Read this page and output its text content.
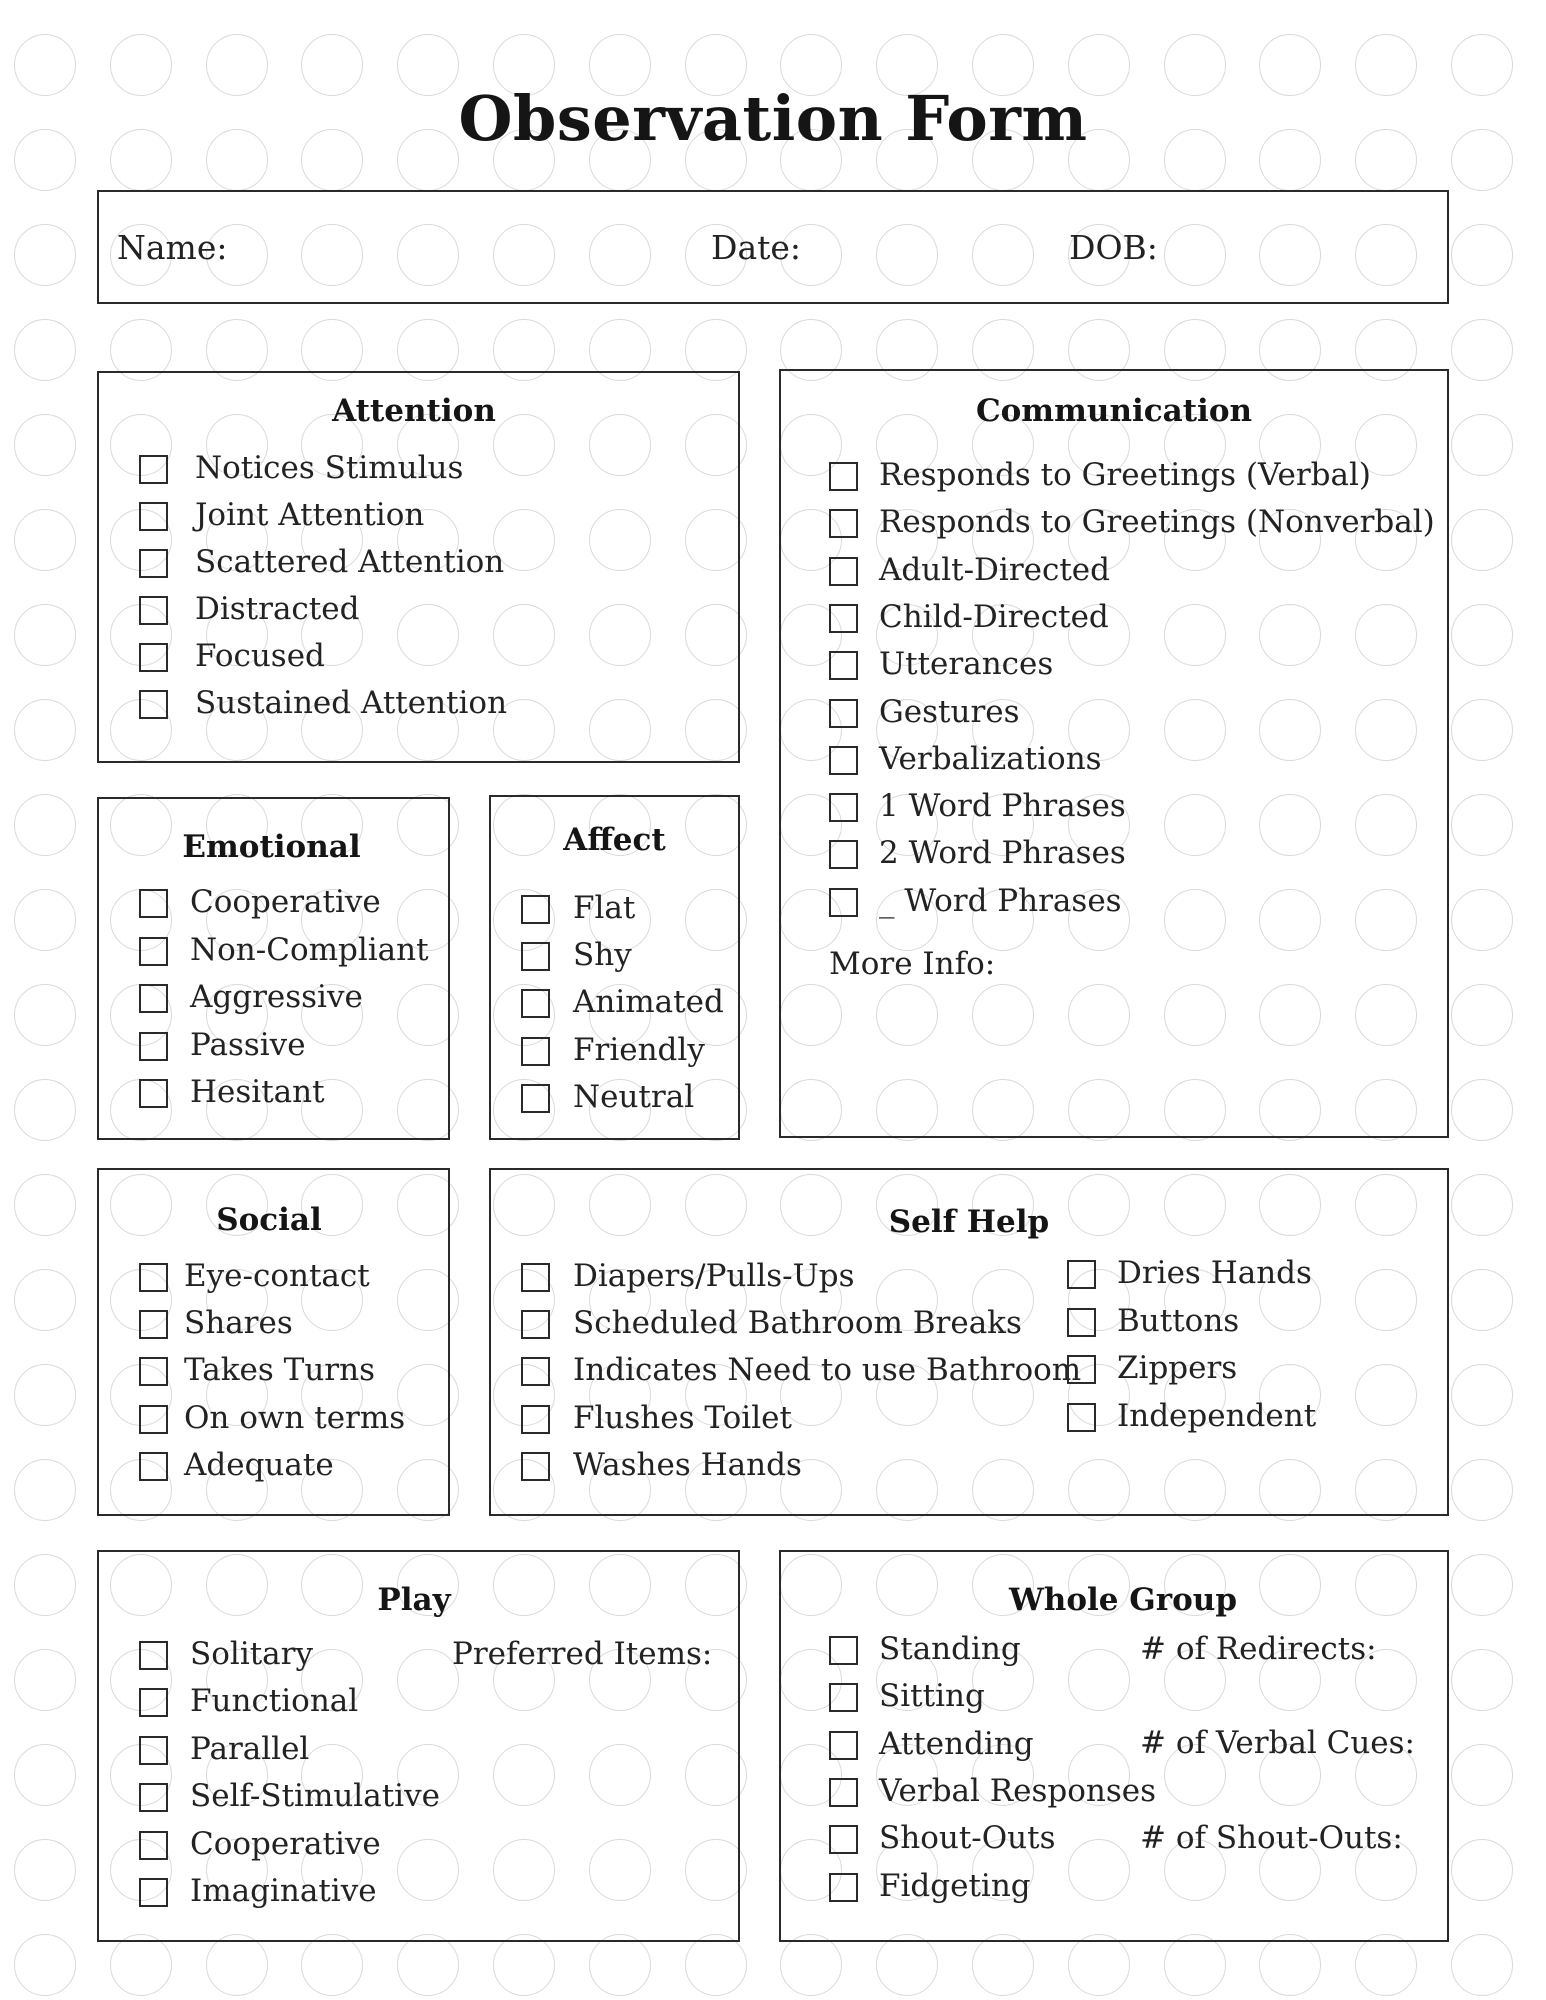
Observation Form
Name:	Date:	DOB:
Attention
Notices Stimulus
Joint Attention
Scattered Attention
Distracted
Focused
Sustained Attention
Communication
More Info:
Responds to Greetings (Verbal)
Responds to Greetings (Nonverbal)
Adult-Directed
Child-Directed
Utterances
Gestures
Verbalizations
1 Word Phrases
2 Word Phrases
_ Word Phrases
Emotional
Cooperative
Non-Compliant
Aggressive
Passive
Hesitant
Affect
Flat
Shy
Animated
Friendly
Neutral
Social
Eye-contact
Shares
Takes Turns
On own terms
Adequate
Self Help
Diapers/Pulls-Ups
Scheduled Bathroom Breaks
Indicates Need to use Bathroom
Flushes Toilet
Washes Hands
Dries Hands
Buttons
Zippers
Independent
Play
Preferred Items:
Solitary
Functional
Parallel
Self-Stimulative
Cooperative
Imaginative
Whole Group
# of Redirects:
# of Verbal Cues:
# of Shout-Outs:
Standing
Sitting
Attending
Verbal Responses
Shout-Outs
Fidgeting
